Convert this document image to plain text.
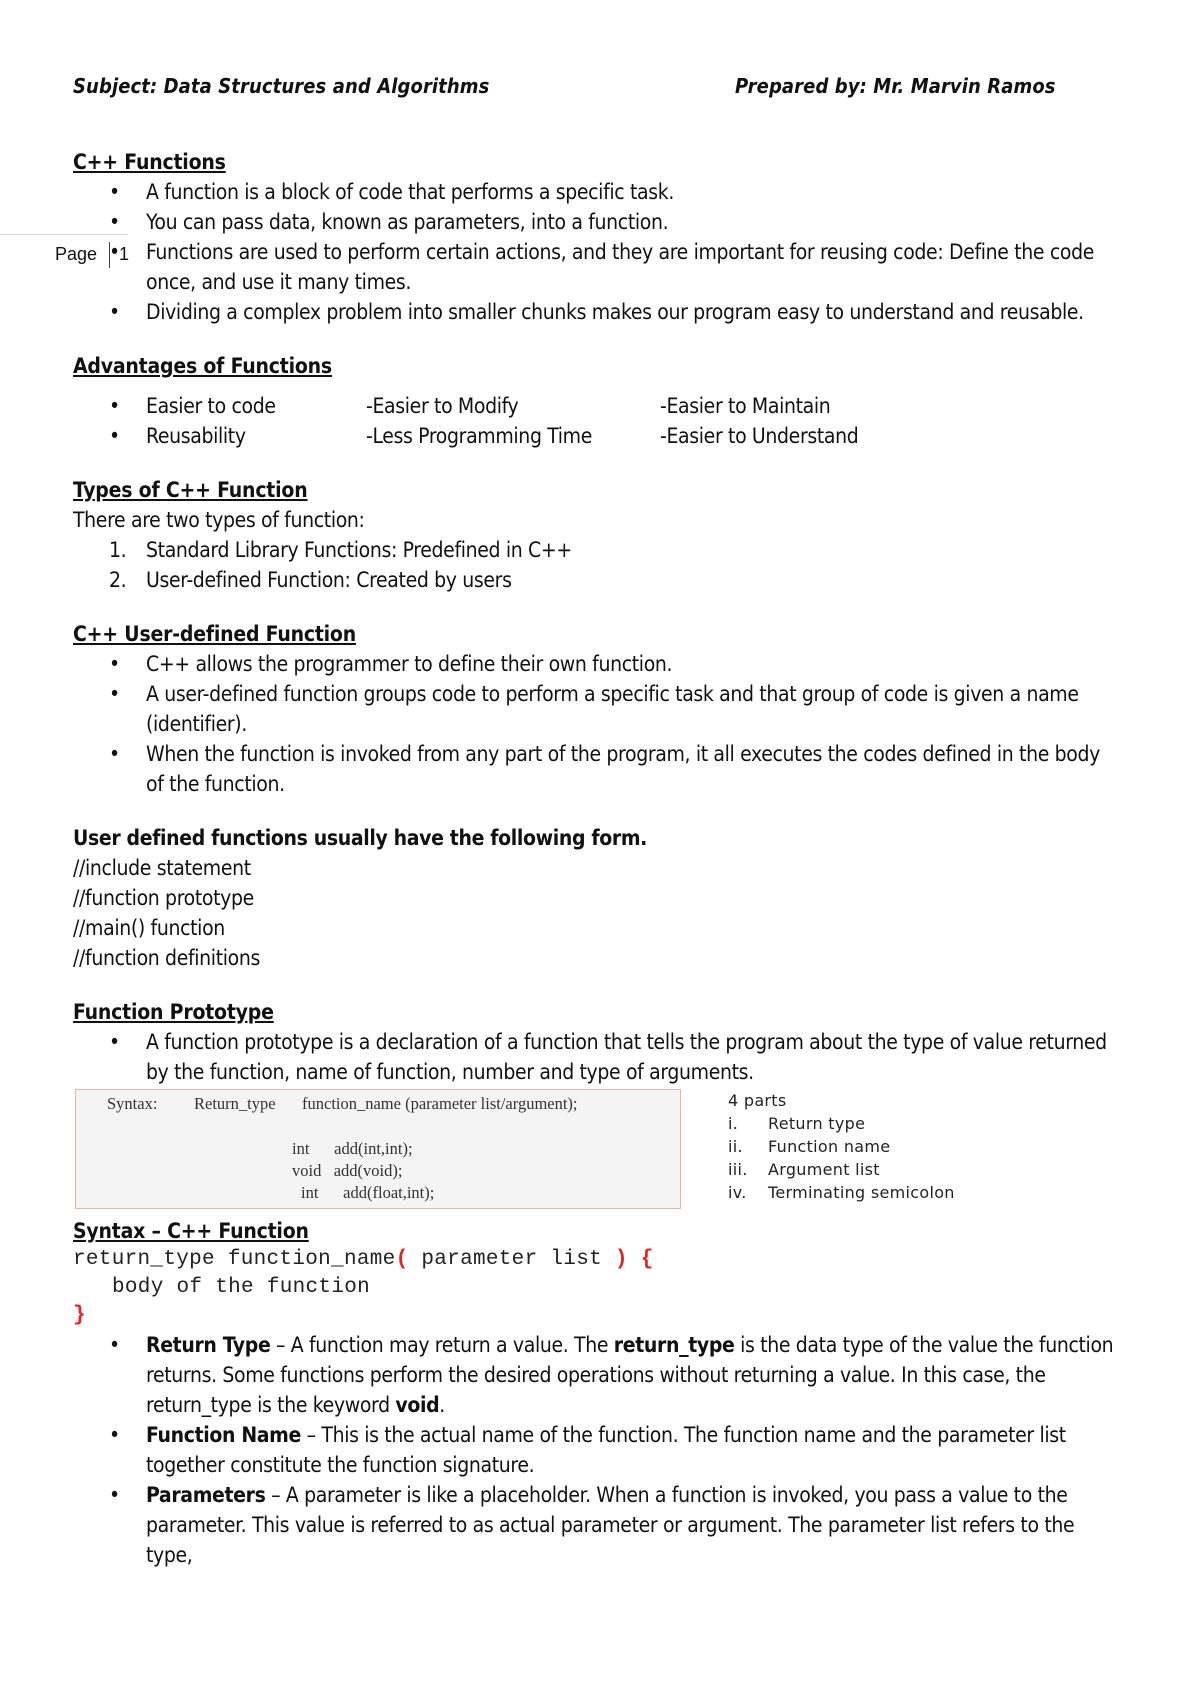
Subject: Data Structures and Algorithms	Prepared by: Mr. Marvin Ramos
Page 1
C++ Functions
• A function is a block of code that performs a specific task.
• You can pass data, known as parameters, into a function.
• Functions are used to perform certain actions, and they are important for reusing code: Define the code once, and use it many times.
• Dividing a complex problem into smaller chunks makes our program easy to understand and reusable.
Advantages of Functions
• Easier to code	-Easier to Modify	-Easier to Maintain
• Reusability	-Less Programming Time	-Easier to Understand
Types of C++ Function

There are two types of function:

1. Standard Library Functions: Predefined in C++
2. User-defined Function: Created by users
C++ User-defined Function
• C++ allows the programmer to define their own function.
• A user-defined function groups code to perform a specific task and that group of code is given a name (identifier).
• When the function is invoked from any part of the program, it all executes the codes defined in the body of the function.

User defined functions usually have the following form.

//include statement

//function prototype

//main() function

//function definitions

Function Prototype
• A function prototype is a declaration of a function that tells the program about the type of value returned by the function, name of function, number and type of arguments.
Syntax: Return_type function_name (parameter list/argument);
int      add(int,int);
void   add(void);
int      add(float,int);
4 parts
i.	Return type
ii.	Function name
iii.	Argument list
iv.	Terminating semicolon
Syntax – C++ Function
return_type function_name( parameter list ) {
body of the function
}
• Return Type – A function may return a value. The return_type is the data type of the value the function returns. Some functions perform the desired operations without returning a value. In this case, the return_type is the keyword void.
• Function Name – This is the actual name of the function. The function name and the parameter list together constitute the function signature.
• Parameters – A parameter is like a placeholder. When a function is invoked, you pass a value to the parameter. This value is referred to as actual parameter or argument. The parameter list refers to the type,
